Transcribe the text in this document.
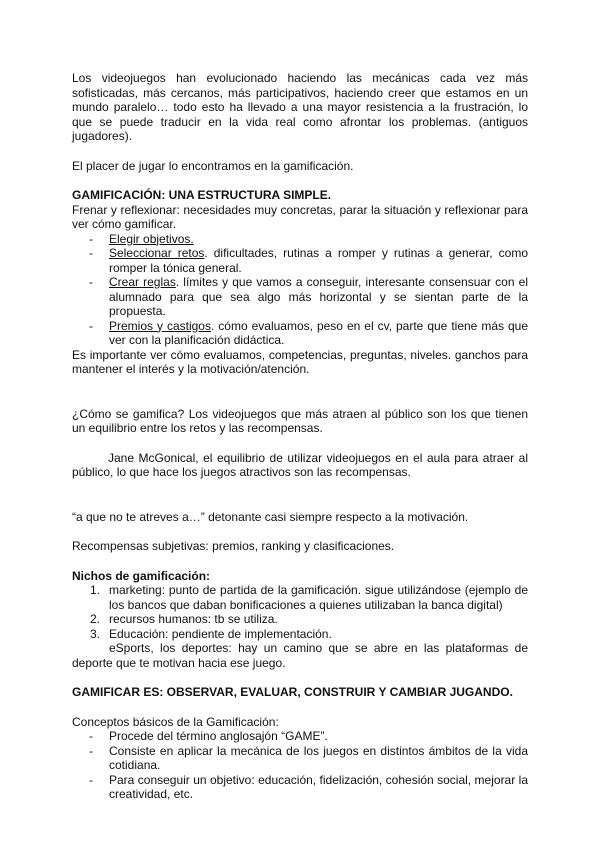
Los videojuegos han evolucionado haciendo las mecánicas cada vez más sofisticadas, más cercanos, más participativos, haciendo creer que estamos en un mundo paralelo… todo esto ha llevado a una mayor resistencia a la frustración, lo que se puede traducir en la vida real como afrontar los problemas. (antiguos jugadores).

El placer de jugar lo encontramos en la gamificación.

GAMIFICACIÓN: UNA ESTRUCTURA SIMPLE.

Frenar y reflexionar: necesidades muy concretas, parar la situación y reflexionar para ver cómo gamificar.

- Elegir objetivos.
- Seleccionar retos. dificultades, rutinas a romper y rutinas a generar, como romper la tónica general.
- Crear reglas. límites y que vamos a conseguir, interesante consensuar con el alumnado para que sea algo más horizontal y se sientan parte de la propuesta.
- Premios y castigos. cómo evaluamos, peso en el cv, parte que tiene más que ver con la planificación didáctica.

Es importante ver cómo evaluamos, competencias, preguntas, niveles. ganchos para mantener el interés y la motivación/atención.

¿Cómo se gamifica? Los videojuegos que más atraen al público son los que tienen un equilibrio entre los retos y las recompensas.

Jane McGonical, el equilibrio de utilizar videojuegos en el aula para atraer al público, lo que hace los juegos atractivos son las recompensas.

“a que no te atreves a…” detonante casi siempre respecto a la motivación.

Recompensas subjetivas: premios, ranking y clasificaciones.

Nichos de gamificación:

1. marketing: punto de partida de la gamificación. sigue utilizándose (ejemplo de los bancos que daban bonificaciones a quienes utilizaban la banca digital)
2. recursos humanos: tb se utiliza.
3. Educación: pendiente de implementación.

eSports, los deportes: hay un camino que se abre en las plataformas de deporte que te motivan hacia ese juego.

GAMIFICAR ES: OBSERVAR, EVALUAR, CONSTRUIR Y CAMBIAR JUGANDO.

Conceptos básicos de la Gamificación:

- Procede del término anglosajón “GAME”.
- Consiste en aplicar la mecánica de los juegos en distintos ámbitos de la vida cotidiana.
- Para conseguir un objetivo: educación, fidelización, cohesión social, mejorar la creatividad, etc.
